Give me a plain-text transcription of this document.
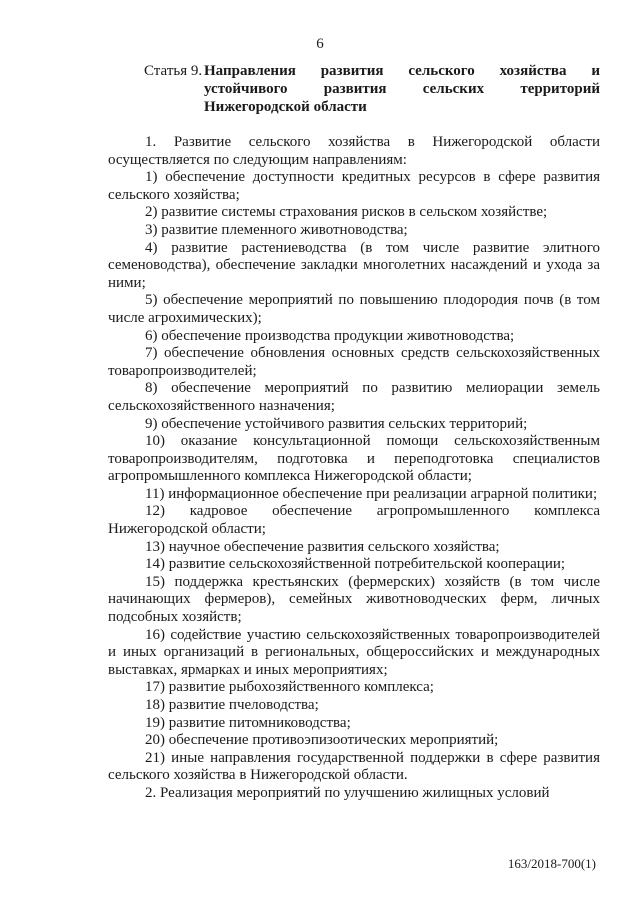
6
Статья 9. Направления развития сельского хозяйства и устойчивого развития сельских территорий Нижегородской области

1. Развитие сельского хозяйства в Нижегородской области осуществляется по следующим направлениям:

1) обеспечение доступности кредитных ресурсов в сфере развития сельского хозяйства;

2) развитие системы страхования рисков в сельском хозяйстве;

3) развитие племенного животноводства;

4) развитие растениеводства (в том числе развитие элитного семеноводства), обеспечение закладки многолетних насаждений и ухода за ними;

5) обеспечение мероприятий по повышению плодородия почв (в том числе агрохимических);

6) обеспечение производства продукции животноводства;

7) обеспечение обновления основных средств сельскохозяйственных товаропроизводителей;

8) обеспечение мероприятий по развитию мелиорации земель сельскохозяйственного назначения;

9) обеспечение устойчивого развития сельских территорий;

10) оказание консультационной помощи сельскохозяйственным товаропроизводителям, подготовка и переподготовка специалистов агропромышленного комплекса Нижегородской области;

11) информационное обеспечение при реализации аграрной политики;

12) кадровое обеспечение агропромышленного комплекса Нижегородской области;

13) научное обеспечение развития сельского хозяйства;

14) развитие сельскохозяйственной потребительской кооперации;

15) поддержка крестьянских (фермерских) хозяйств (в том числе начинающих фермеров), семейных животноводческих ферм, личных подсобных хозяйств;

16) содействие участию сельскохозяйственных товаропроизводителей и иных организаций в региональных, общероссийских и международных выставках, ярмарках и иных мероприятиях;

17) развитие рыбохозяйственного комплекса;

18) развитие пчеловодства;

19) развитие питомниководства;

20) обеспечение противоэпизоотических мероприятий;

21) иные направления государственной поддержки в сфере развития сельского хозяйства в Нижегородской области.

2. Реализация мероприятий по улучшению жилищных условий

163/2018-700(1)
